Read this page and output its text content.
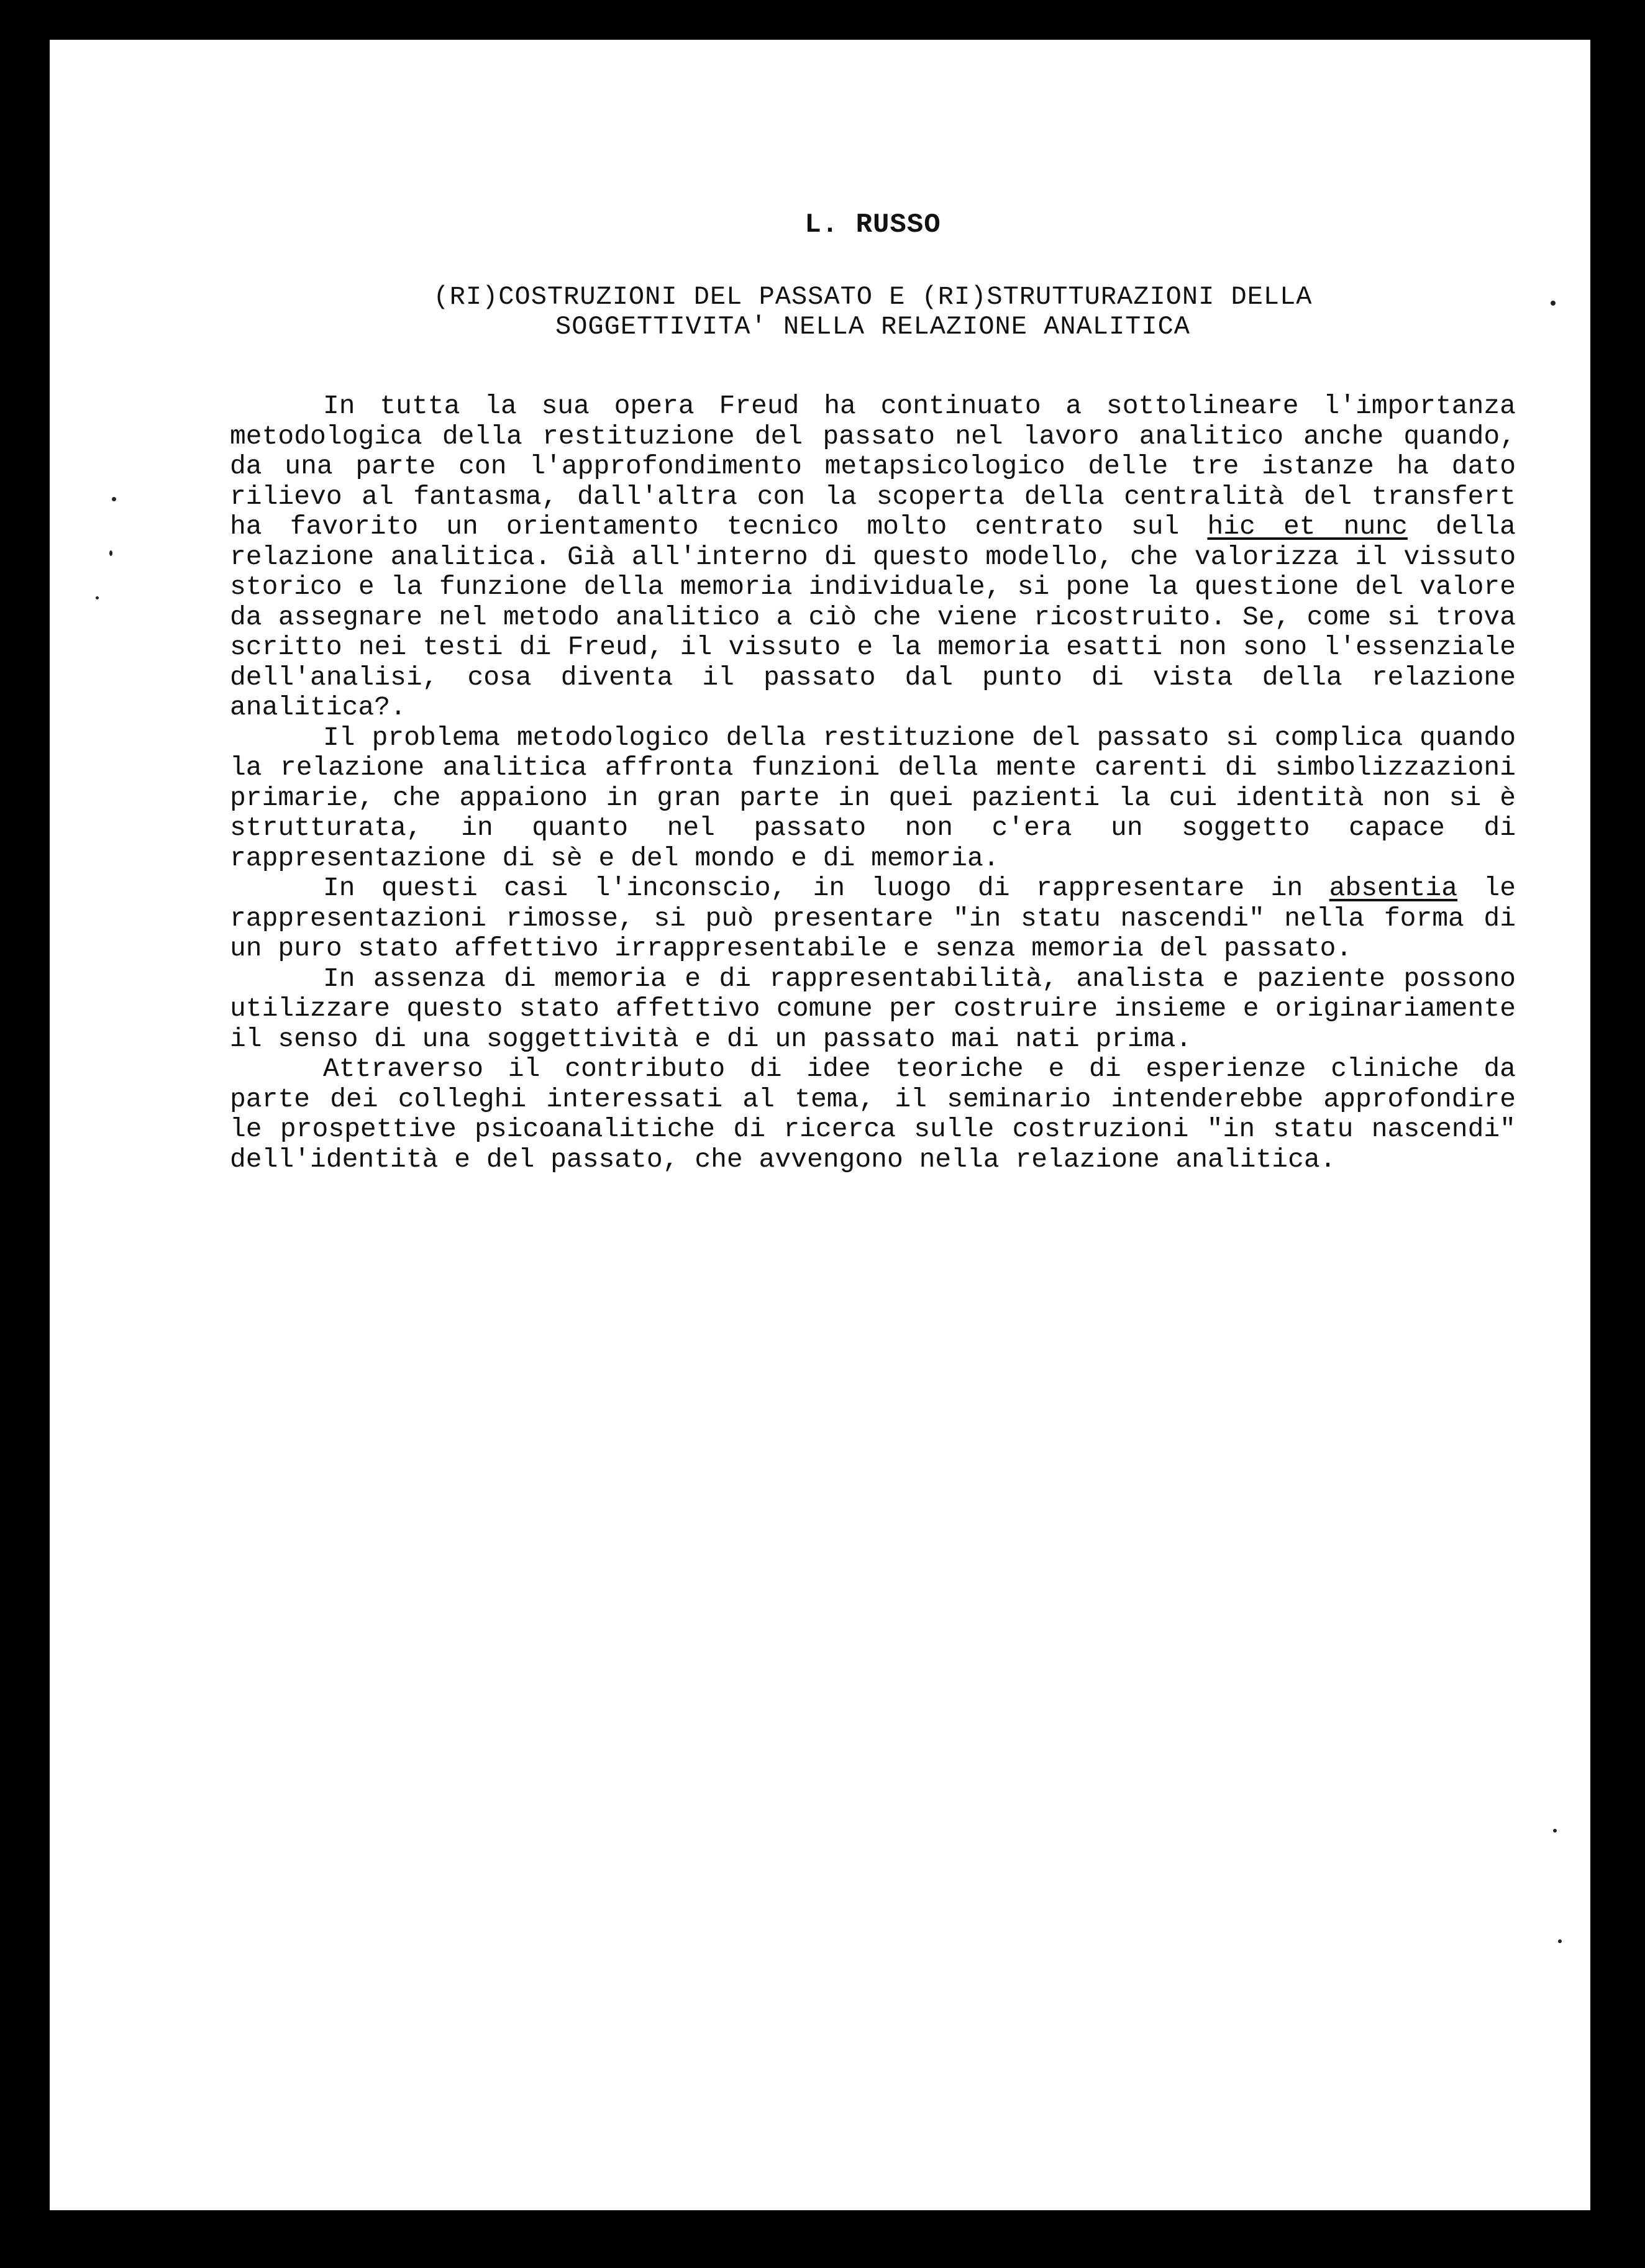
L. RUSSO
(RI)COSTRUZIONI DEL PASSATO E (RI)STRUTTURAZIONI DELLA
SOGGETTIVITA' NELLA RELAZIONE ANALITICA

In tutta la sua opera Freud ha continuato a sottolineare l'importanza metodologica della restituzione del passato nel lavoro analitico anche quando, da una parte con l'approfondimento metapsicologico delle tre istanze ha dato rilievo al fantasma, dall'altra con la scoperta della centralità del transfert ha favorito un orientamento tecnico molto centrato sul hic et nunc della relazione analitica. Già all'interno di questo modello, che valorizza il vissuto storico e la funzione della memoria individuale, si pone la questione del valore da assegnare nel metodo analitico a ciò che viene ricostruito. Se, come si trova scritto nei testi di Freud, il vissuto e la memoria esatti non sono l'essenziale dell'analisi, cosa diventa il passato dal punto di vista della relazione analitica?.

Il problema metodologico della restituzione del passato si complica quando la relazione analitica affronta funzioni della mente carenti di simbolizzazioni primarie, che appaiono in gran parte in quei pazienti la cui identità non si è strutturata, in quanto nel passato non c'era un soggetto capace di rappresentazione di sè e del mondo e di memoria.

In questi casi l'inconscio, in luogo di rappresentare in absentia le rappresentazioni rimosse, si può presentare "in statu nascendi" nella forma di un puro stato affettivo irrappresentabile e senza memoria del passato.

In assenza di memoria e di rappresentabilità, analista e paziente possono utilizzare questo stato affettivo comune per costruire insieme e originariamente il senso di una soggettività e di un passato mai nati prima.

Attraverso il contributo di idee teoriche e di esperienze cliniche da parte dei colleghi interessati al tema, il seminario intenderebbe approfondire le prospettive psicoanalitiche di ricerca sulle costruzioni "in statu nascendi" dell'identità e del passato, che avvengono nella relazione analitica.
